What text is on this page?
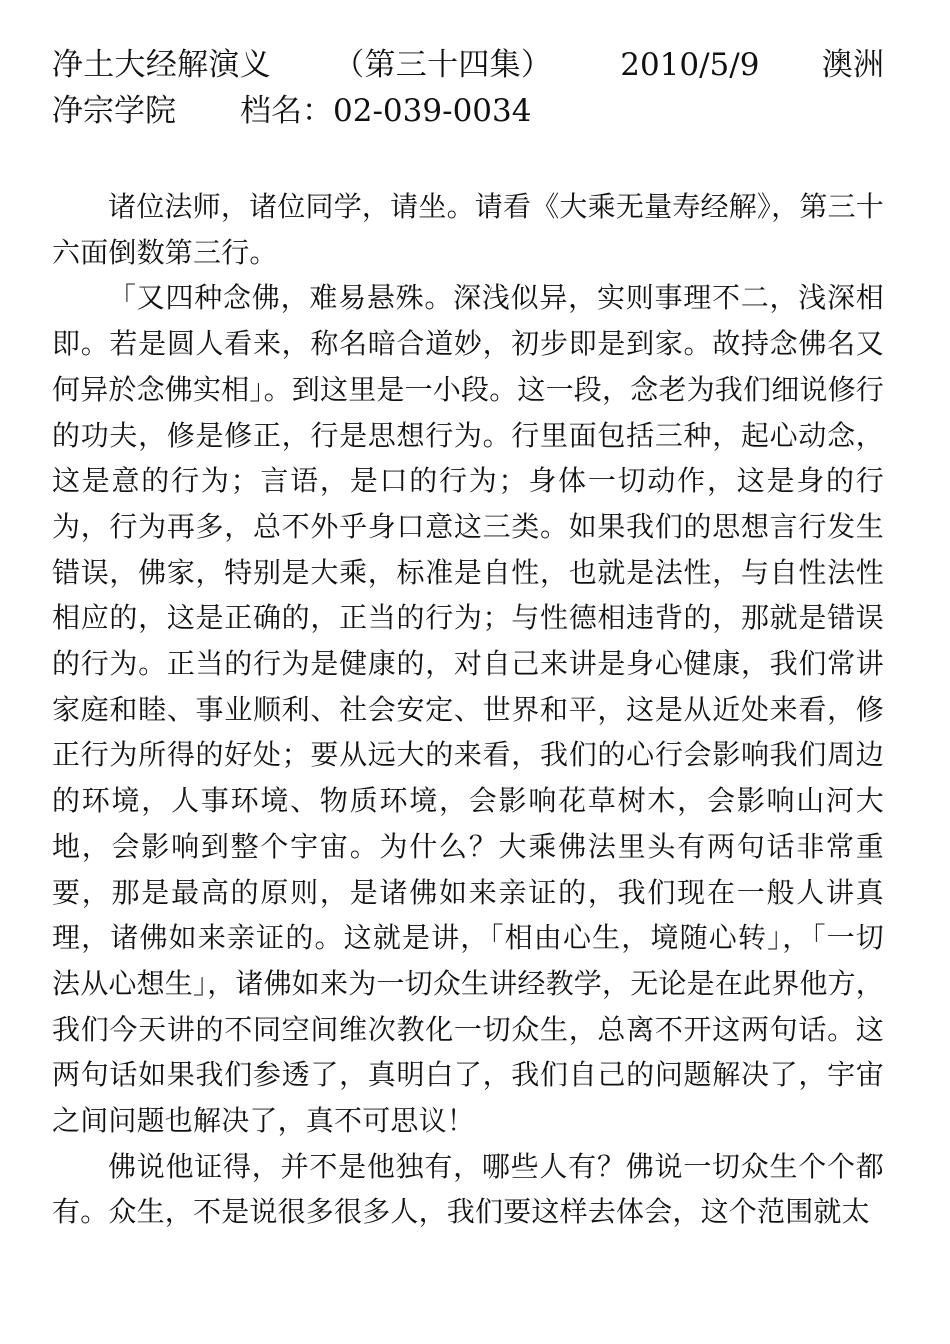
净土大经解演义 （第三十四集） 2010/5/9 澳洲净宗学院 档名：02-039-0034

诸位法师，诸位同学，请坐。请看《大乘无量寿经解》，第三十六面倒数第三行。

「又四种念佛，难易悬殊。深浅似异，实则事理不二，浅深相即。若是圆人看来，称名暗合道妙，初步即是到家。故持念佛名又何异於念佛实相」。到这里是一小段。这一段，念老为我们细说修行的功夫，修是修正，行是思想行为。行里面包括三种，起心动念，这是意的行为；言语，是口的行为；身体一切动作，这是身的行为，行为再多，总不外乎身口意这三类。如果我们的思想言行发生错误，佛家，特别是大乘，标准是自性，也就是法性，与自性法性相应的，这是正确的，正当的行为；与性德相违背的，那就是错误的行为。正当的行为是健康的，对自己来讲是身心健康，我们常讲家庭和睦、事业顺利、社会安定、世界和平，这是从近处来看，修正行为所得的好处；要从远大的来看，我们的心行会影响我们周边的环境，人事环境、物质环境，会影响花草树木，会影响山河大地，会影响到整个宇宙。为什么？大乘佛法里头有两句话非常重要，那是最高的原则，是诸佛如来亲证的，我们现在一般人讲真理，诸佛如来亲证的。这就是讲，「相由心生，境随心转」，「一切法从心想生」，诸佛如来为一切众生讲经教学，无论是在此界他方，我们今天讲的不同空间维次教化一切众生，总离不开这两句话。这两句话如果我们参透了，真明白了，我们自己的问题解决了，宇宙之间问题也解决了，真不可思议！

佛说他证得，并不是他独有，哪些人有？佛说一切众生个个都有。众生，不是说很多很多人，我们要这样去体会，这个范围就太
